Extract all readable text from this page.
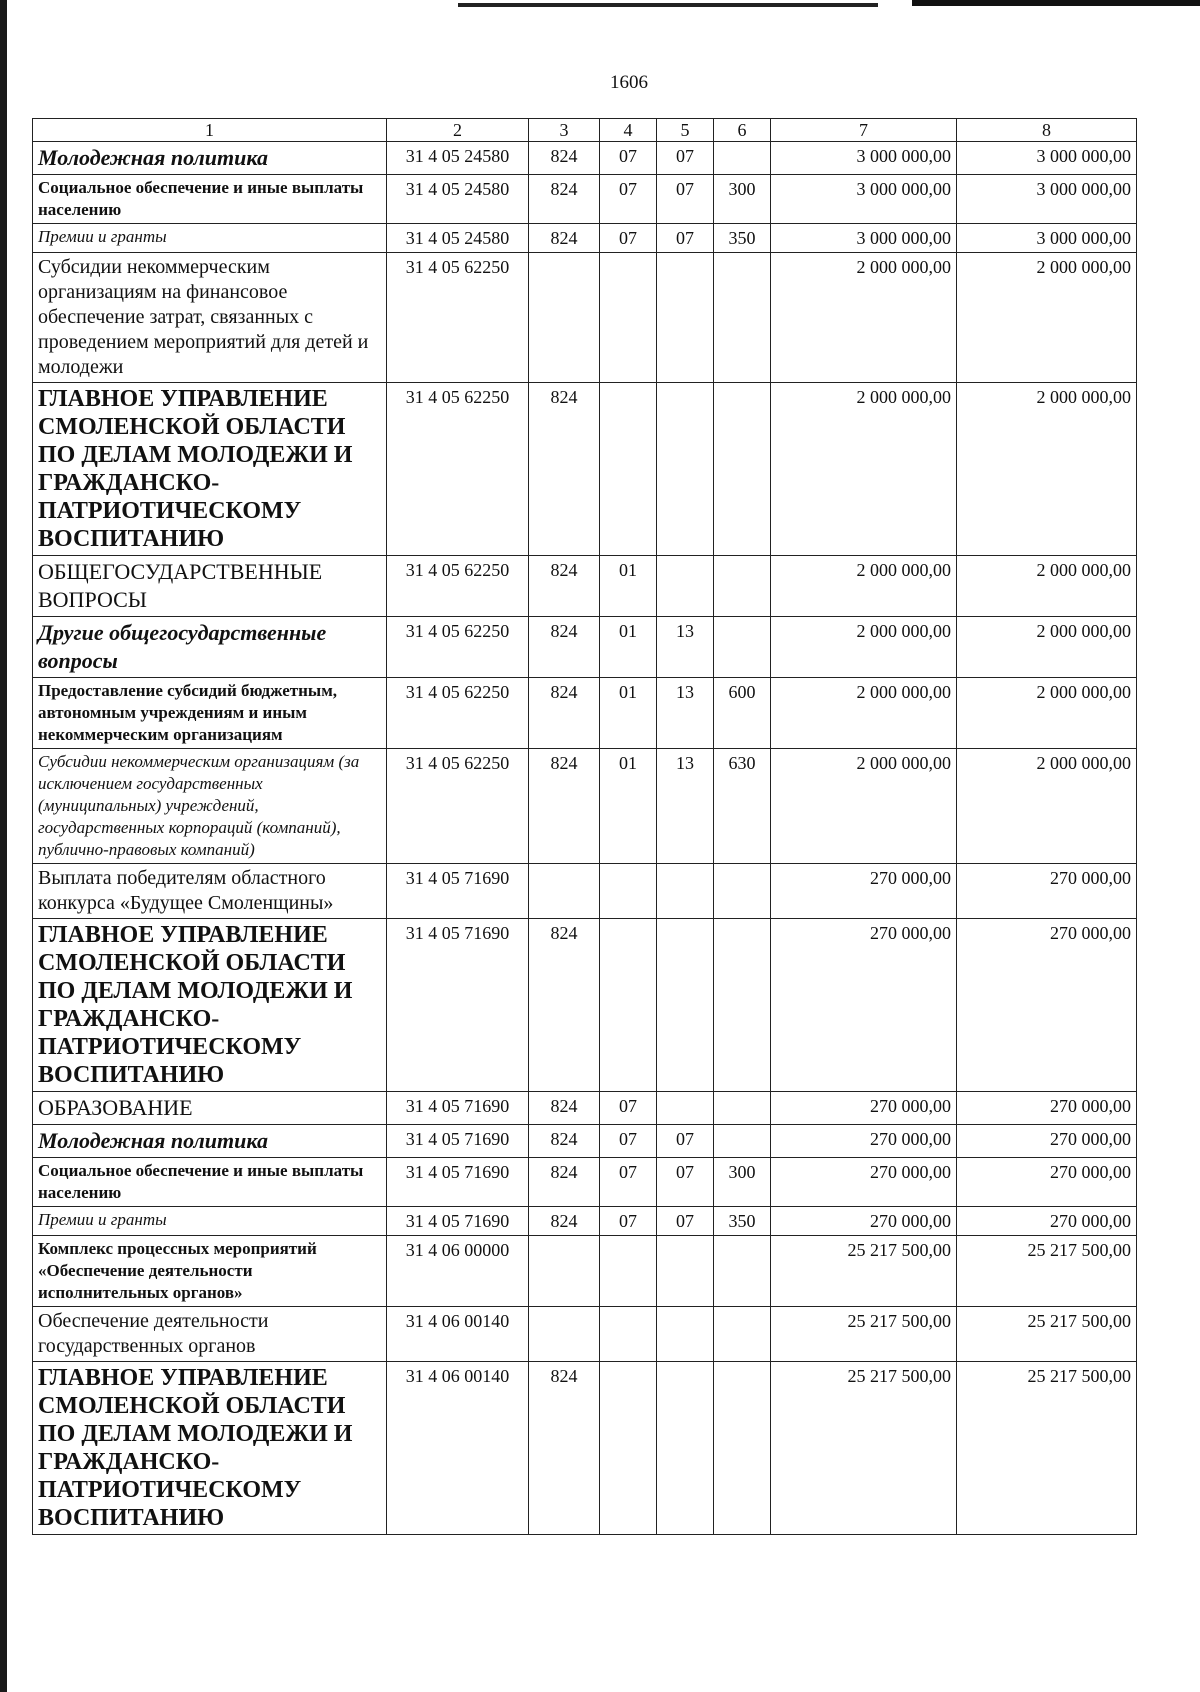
1606
1	2	3	4	5	6	7	8

Молодежная политика	31 4 05 24580	824	07	07		3 000 000,00	3 000 000,00

Социальное обеспечение и иные выплаты населению	31 4 05 24580	824	07	07	300	3 000 000,00	3 000 000,00

Премии и гранты	31 4 05 24580	824	07	07	350	3 000 000,00	3 000 000,00

Субсидии некоммерческим организациям на финансовое обеспечение затрат, связанных с проведением мероприятий для детей и молодежи	31 4 05 62250					2 000 000,00	2 000 000,00

ГЛАВНОЕ УПРАВЛЕНИЕ СМОЛЕНСКОЙ ОБЛАСТИ ПО ДЕЛАМ МОЛОДЕЖИ И ГРАЖДАНСКО-ПАТРИОТИЧЕСКОМУ ВОСПИТАНИЮ	31 4 05 62250	824				2 000 000,00	2 000 000,00

ОБЩЕГОСУДАРСТВЕННЫЕ ВОПРОСЫ	31 4 05 62250	824	01			2 000 000,00	2 000 000,00

Другие общегосударственные вопросы	31 4 05 62250	824	01	13		2 000 000,00	2 000 000,00

Предоставление субсидий бюджетным, автономным учреждениям и иным некоммерческим организациям	31 4 05 62250	824	01	13	600	2 000 000,00	2 000 000,00

Субсидии некоммерческим организациям (за исключением государственных (муниципальных) учреждений, государственных корпораций (компаний), публично-правовых компаний)	31 4 05 62250	824	01	13	630	2 000 000,00	2 000 000,00

Выплата победителям областного конкурса «Будущее Смоленщины»	31 4 05 71690					270 000,00	270 000,00

ГЛАВНОЕ УПРАВЛЕНИЕ СМОЛЕНСКОЙ ОБЛАСТИ ПО ДЕЛАМ МОЛОДЕЖИ И ГРАЖДАНСКО-ПАТРИОТИЧЕСКОМУ ВОСПИТАНИЮ	31 4 05 71690	824				270 000,00	270 000,00

ОБРАЗОВАНИЕ	31 4 05 71690	824	07			270 000,00	270 000,00

Молодежная политика	31 4 05 71690	824	07	07		270 000,00	270 000,00

Социальное обеспечение и иные выплаты населению	31 4 05 71690	824	07	07	300	270 000,00	270 000,00

Премии и гранты	31 4 05 71690	824	07	07	350	270 000,00	270 000,00

Комплекс процессных мероприятий «Обеспечение деятельности исполнительных органов»	31 4 06 00000					25 217 500,00	25 217 500,00

Обеспечение деятельности государственных органов	31 4 06 00140					25 217 500,00	25 217 500,00

ГЛАВНОЕ УПРАВЛЕНИЕ СМОЛЕНСКОЙ ОБЛАСТИ ПО ДЕЛАМ МОЛОДЕЖИ И ГРАЖДАНСКО-ПАТРИОТИЧЕСКОМУ ВОСПИТАНИЮ	31 4 06 00140	824				25 217 500,00	25 217 500,00
